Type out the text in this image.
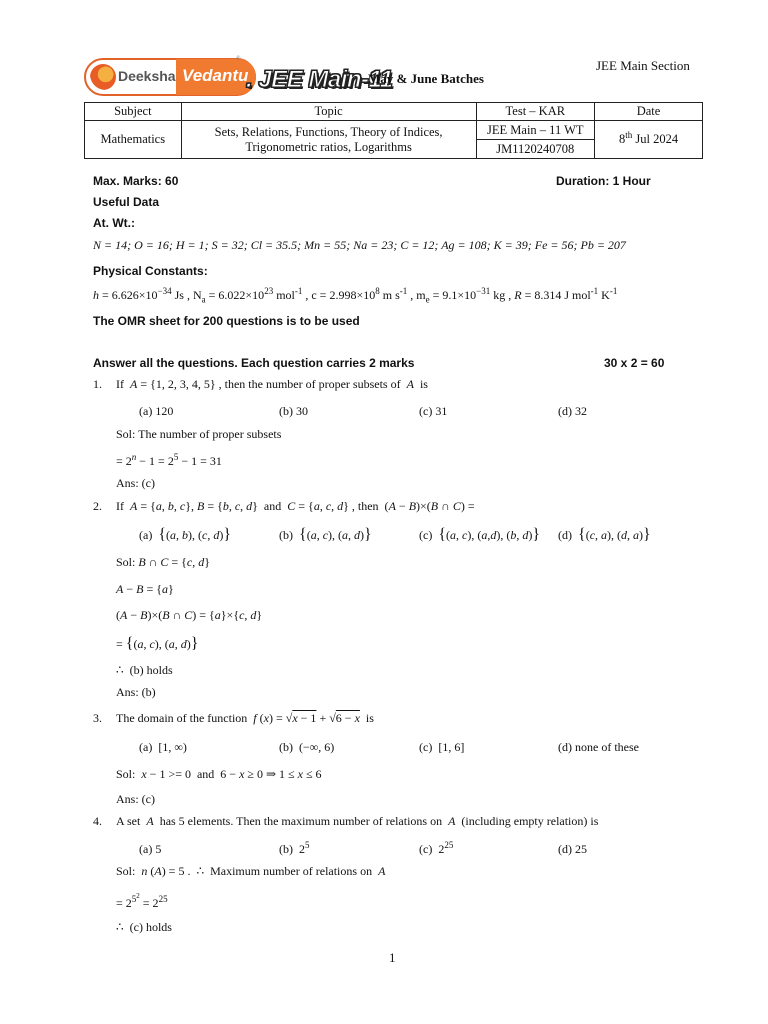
JEE Main Section
Deeksha Vedantu
®
. JEE Main-11
May & June Batches
Subject	Topic	Test – KAR	Date
Mathematics	Sets, Relations, Functions, Theory of Indices,
Trigonometric ratios, Logarithms	JEE Main – 11 WT	8th Jul 2024
		JM1120240708	
Max. Marks: 60	Duration: 1 Hour
Useful Data
At. Wt.:
N = 14; O = 16; H = 1; S = 32; Cl = 35.5; Mn = 55; Na = 23; C = 12; Ag = 108; K = 39; Fe = 56; Pb = 207
Physical Constants:
$h = 6.626\times 10^{-34}$ Js , $N_a = 6.022\times 10^{23}$ mol$^{-1}$ , $c = 2.998\times 10^8$ m $s^{-1}$ , $m_e = 9.1\times 10^{-31}$ kg , R = 8.314 J mol$^{-1}$ $K^{-1}$
The OMR sheet for 200 questions is to be used
Answer all the questions. Each question carries 2 marks	30 x 2 = 60
1. If  A = {1, 2, 3, 4, 5} , then the number of proper subsets of  A  is
(a) 120	(b) 30	(c) 31	(d) 32
Sol: The number of proper subsets
= $2^n - 1 = 2^5 - 1 = 31$
Ans: (c)
2. If  A = {a, b, c}, B = {b, c, d}  and  C = {a, c, d} , then  (A − B)×(B ∩ C) =
(a)  {(a, b), (c, d)}	(b)  {(a, c), (a, d)}	(c)  {(a, c), (a,d), (b, d)} (d)  {(c, a), (d, a)}
Sol: B ∩ C = {c, d}
A − B = {a}
(A − B)×(B ∩ C) = {a}×{c, d}
= {(a, c), (a, d)}
∴  (b) holds
Ans: (b)
3. The domain of the function  f (x) = √x − 1 + √6 − x  is
(a)  [1, ∞)	(b)  (−∞, 6)	(c)  [1, 6]	(d) none of these
Sol:  x − 1 >= 0  and  6 − x ≥ 0 ⇒ 1 ≤ x ≤ 6
Ans: (c)
4. A set A has 5 elements. Then the maximum number of relations on A (including empty relation) is
(a) 5	(b)  $2^5$	(c)  $2^{25}$	(d) 25
Sol:  n (A) = 5 .  ∴  Maximum number of relations on A
= $2^{5^2} = 2^{25}$
∴  (c) holds
1
